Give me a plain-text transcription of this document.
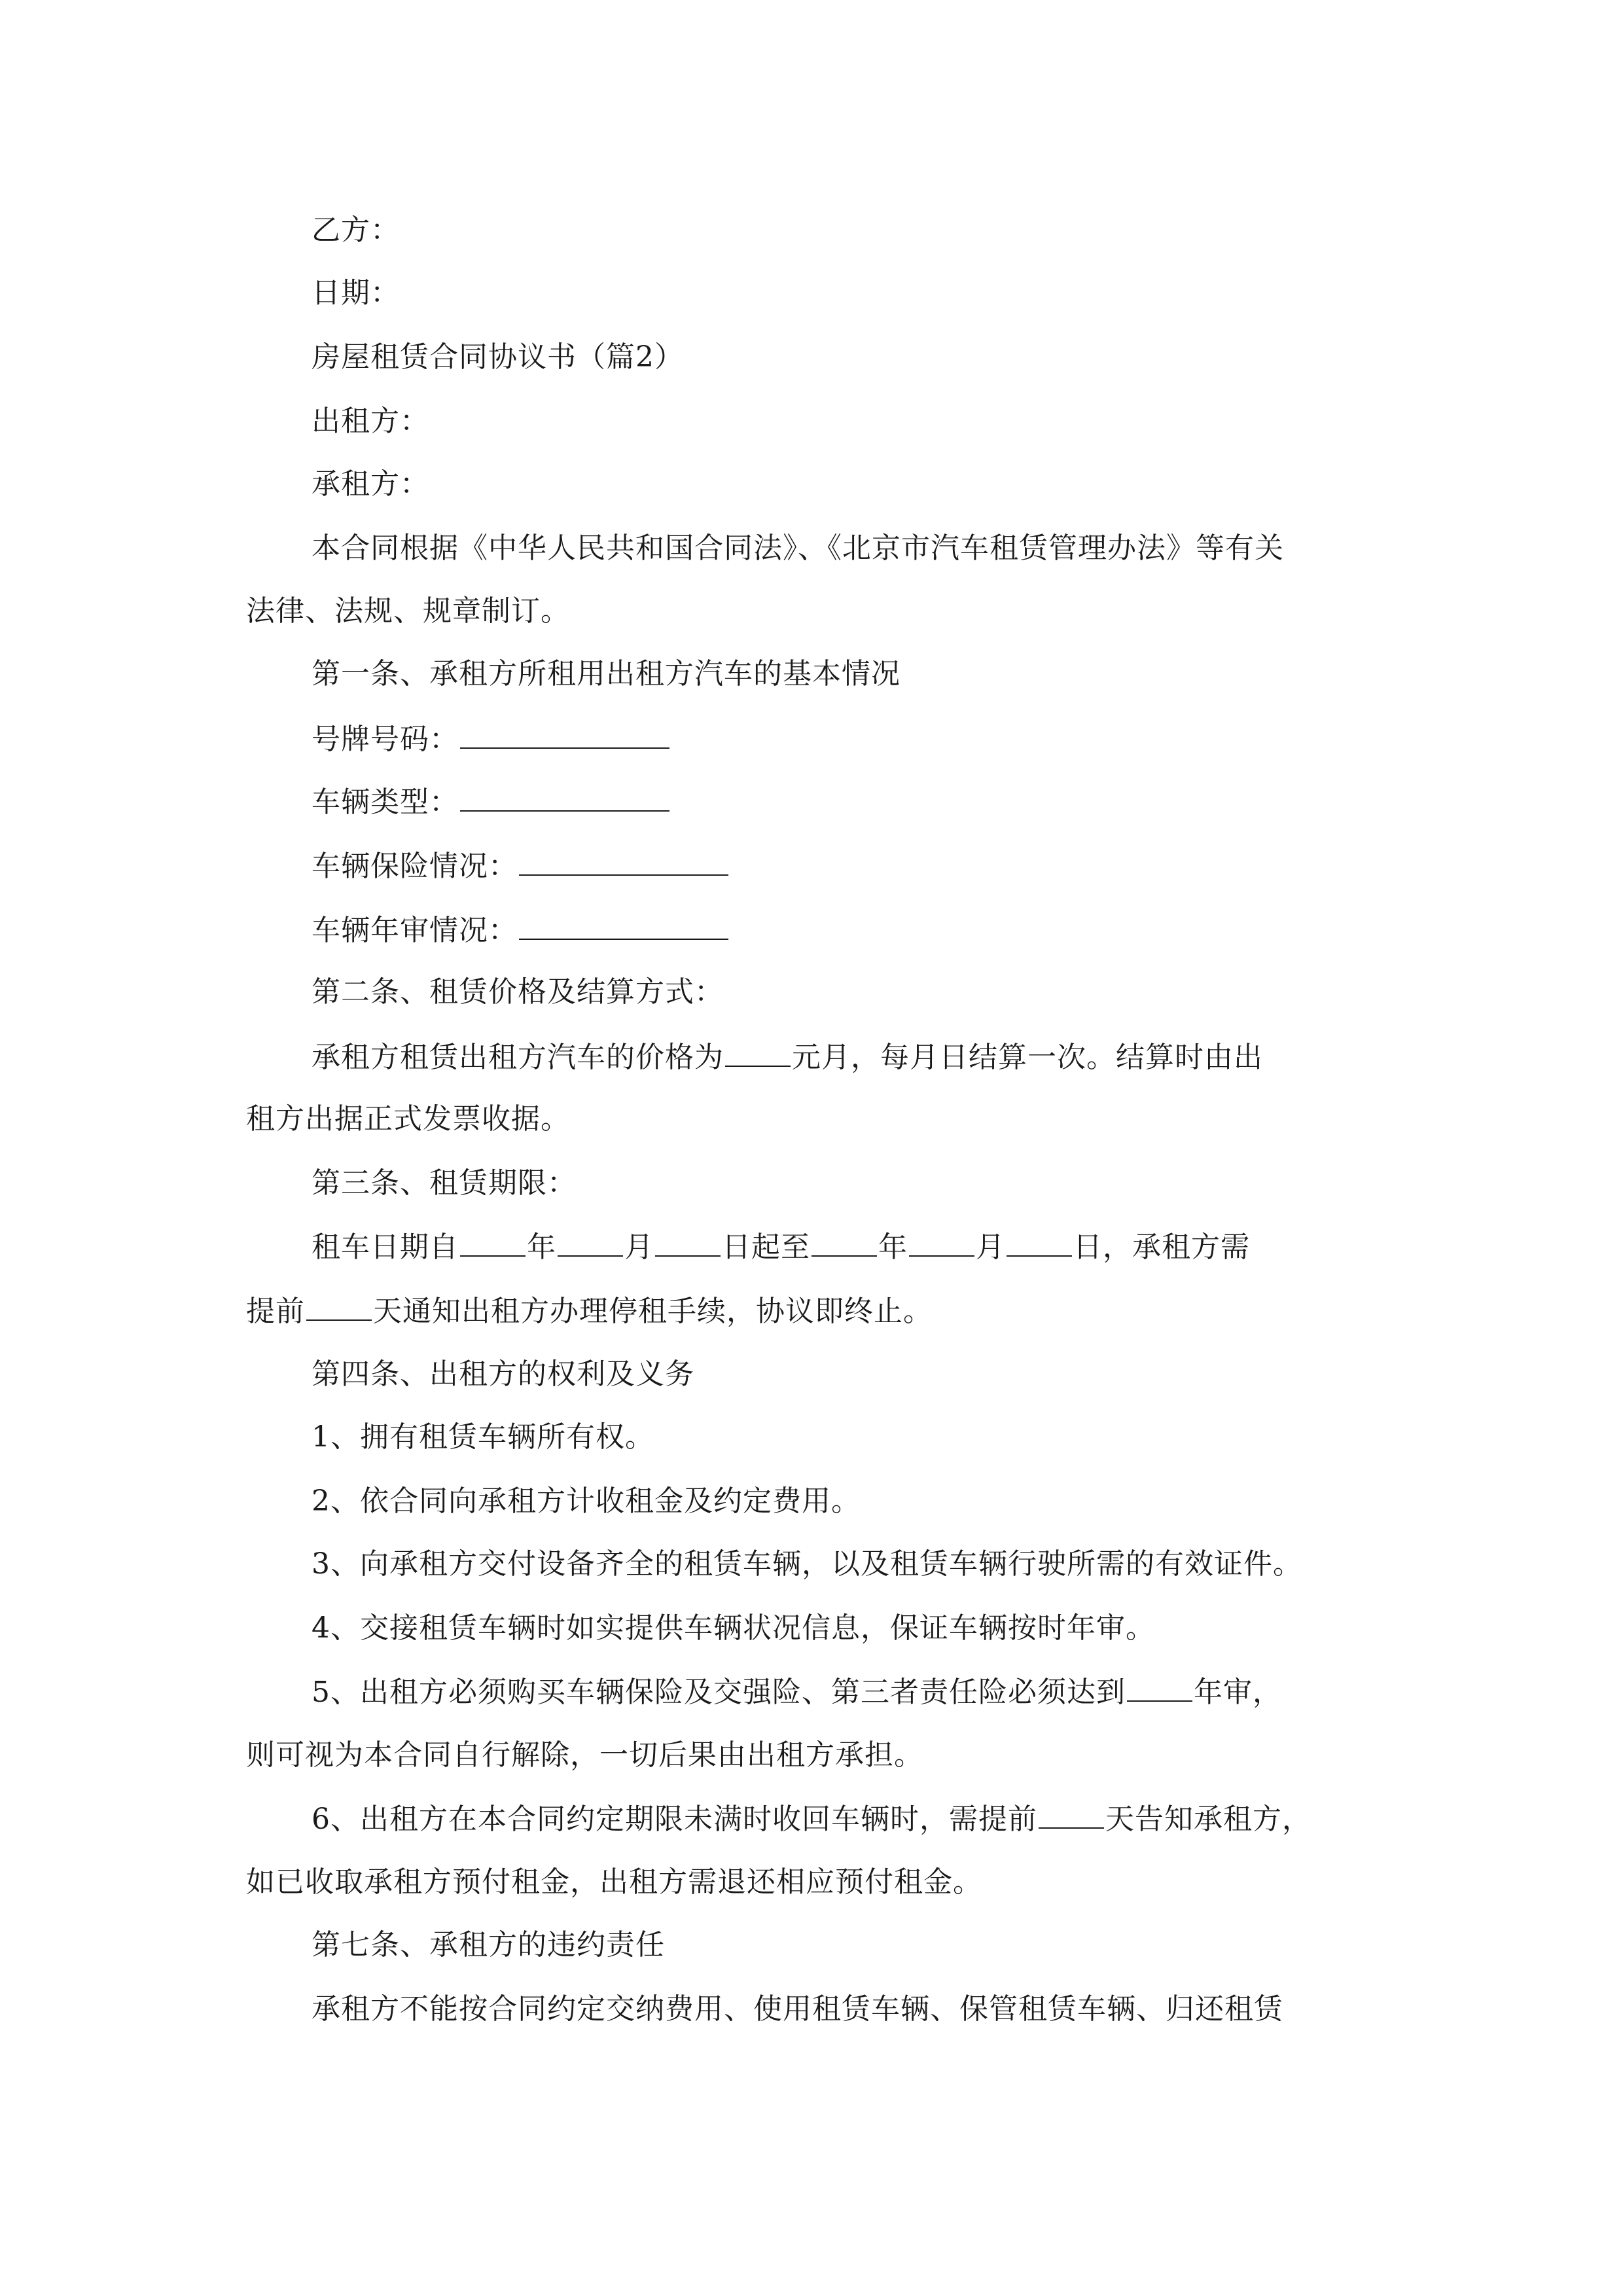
乙方：
日期：
房屋租赁合同协议书（篇2）
出租方：
承租方：
本合同根据《中华人民共和国合同法》、《北京市汽车租赁管理办法》等有关
法律、法规、规章制订。
第一条、承租方所租用出租方汽车的基本情况
号牌号码：
车辆类型：
车辆保险情况：
车辆年审情况：
第二条、租赁价格及结算方式：
承租方租赁出租方汽车的价格为 元月，每月日结算一次。结算时由出
租方出据正式发票收据。
第三条、租赁期限：
租车日期自 年 月 日起至 年 月 日，承租方需
提前 天通知出租方办理停租手续，协议即终止。
第四条、出租方的权利及义务
1、拥有租赁车辆所有权。
2、依合同向承租方计收租金及约定费用。
3、向承租方交付设备齐全的租赁车辆，以及租赁车辆行驶所需的有效证件。
4、交接租赁车辆时如实提供车辆状况信息，保证车辆按时年审。
5、出租方必须购买车辆保险及交强险、第三者责任险必须达到 年审，
则可视为本合同自行解除，一切后果由出租方承担。
6、出租方在本合同约定期限未满时收回车辆时，需提前 天告知承租方，
如已收取承租方预付租金，出租方需退还相应预付租金。
第七条、承租方的违约责任
承租方不能按合同约定交纳费用、使用租赁车辆、保管租赁车辆、归还租赁
